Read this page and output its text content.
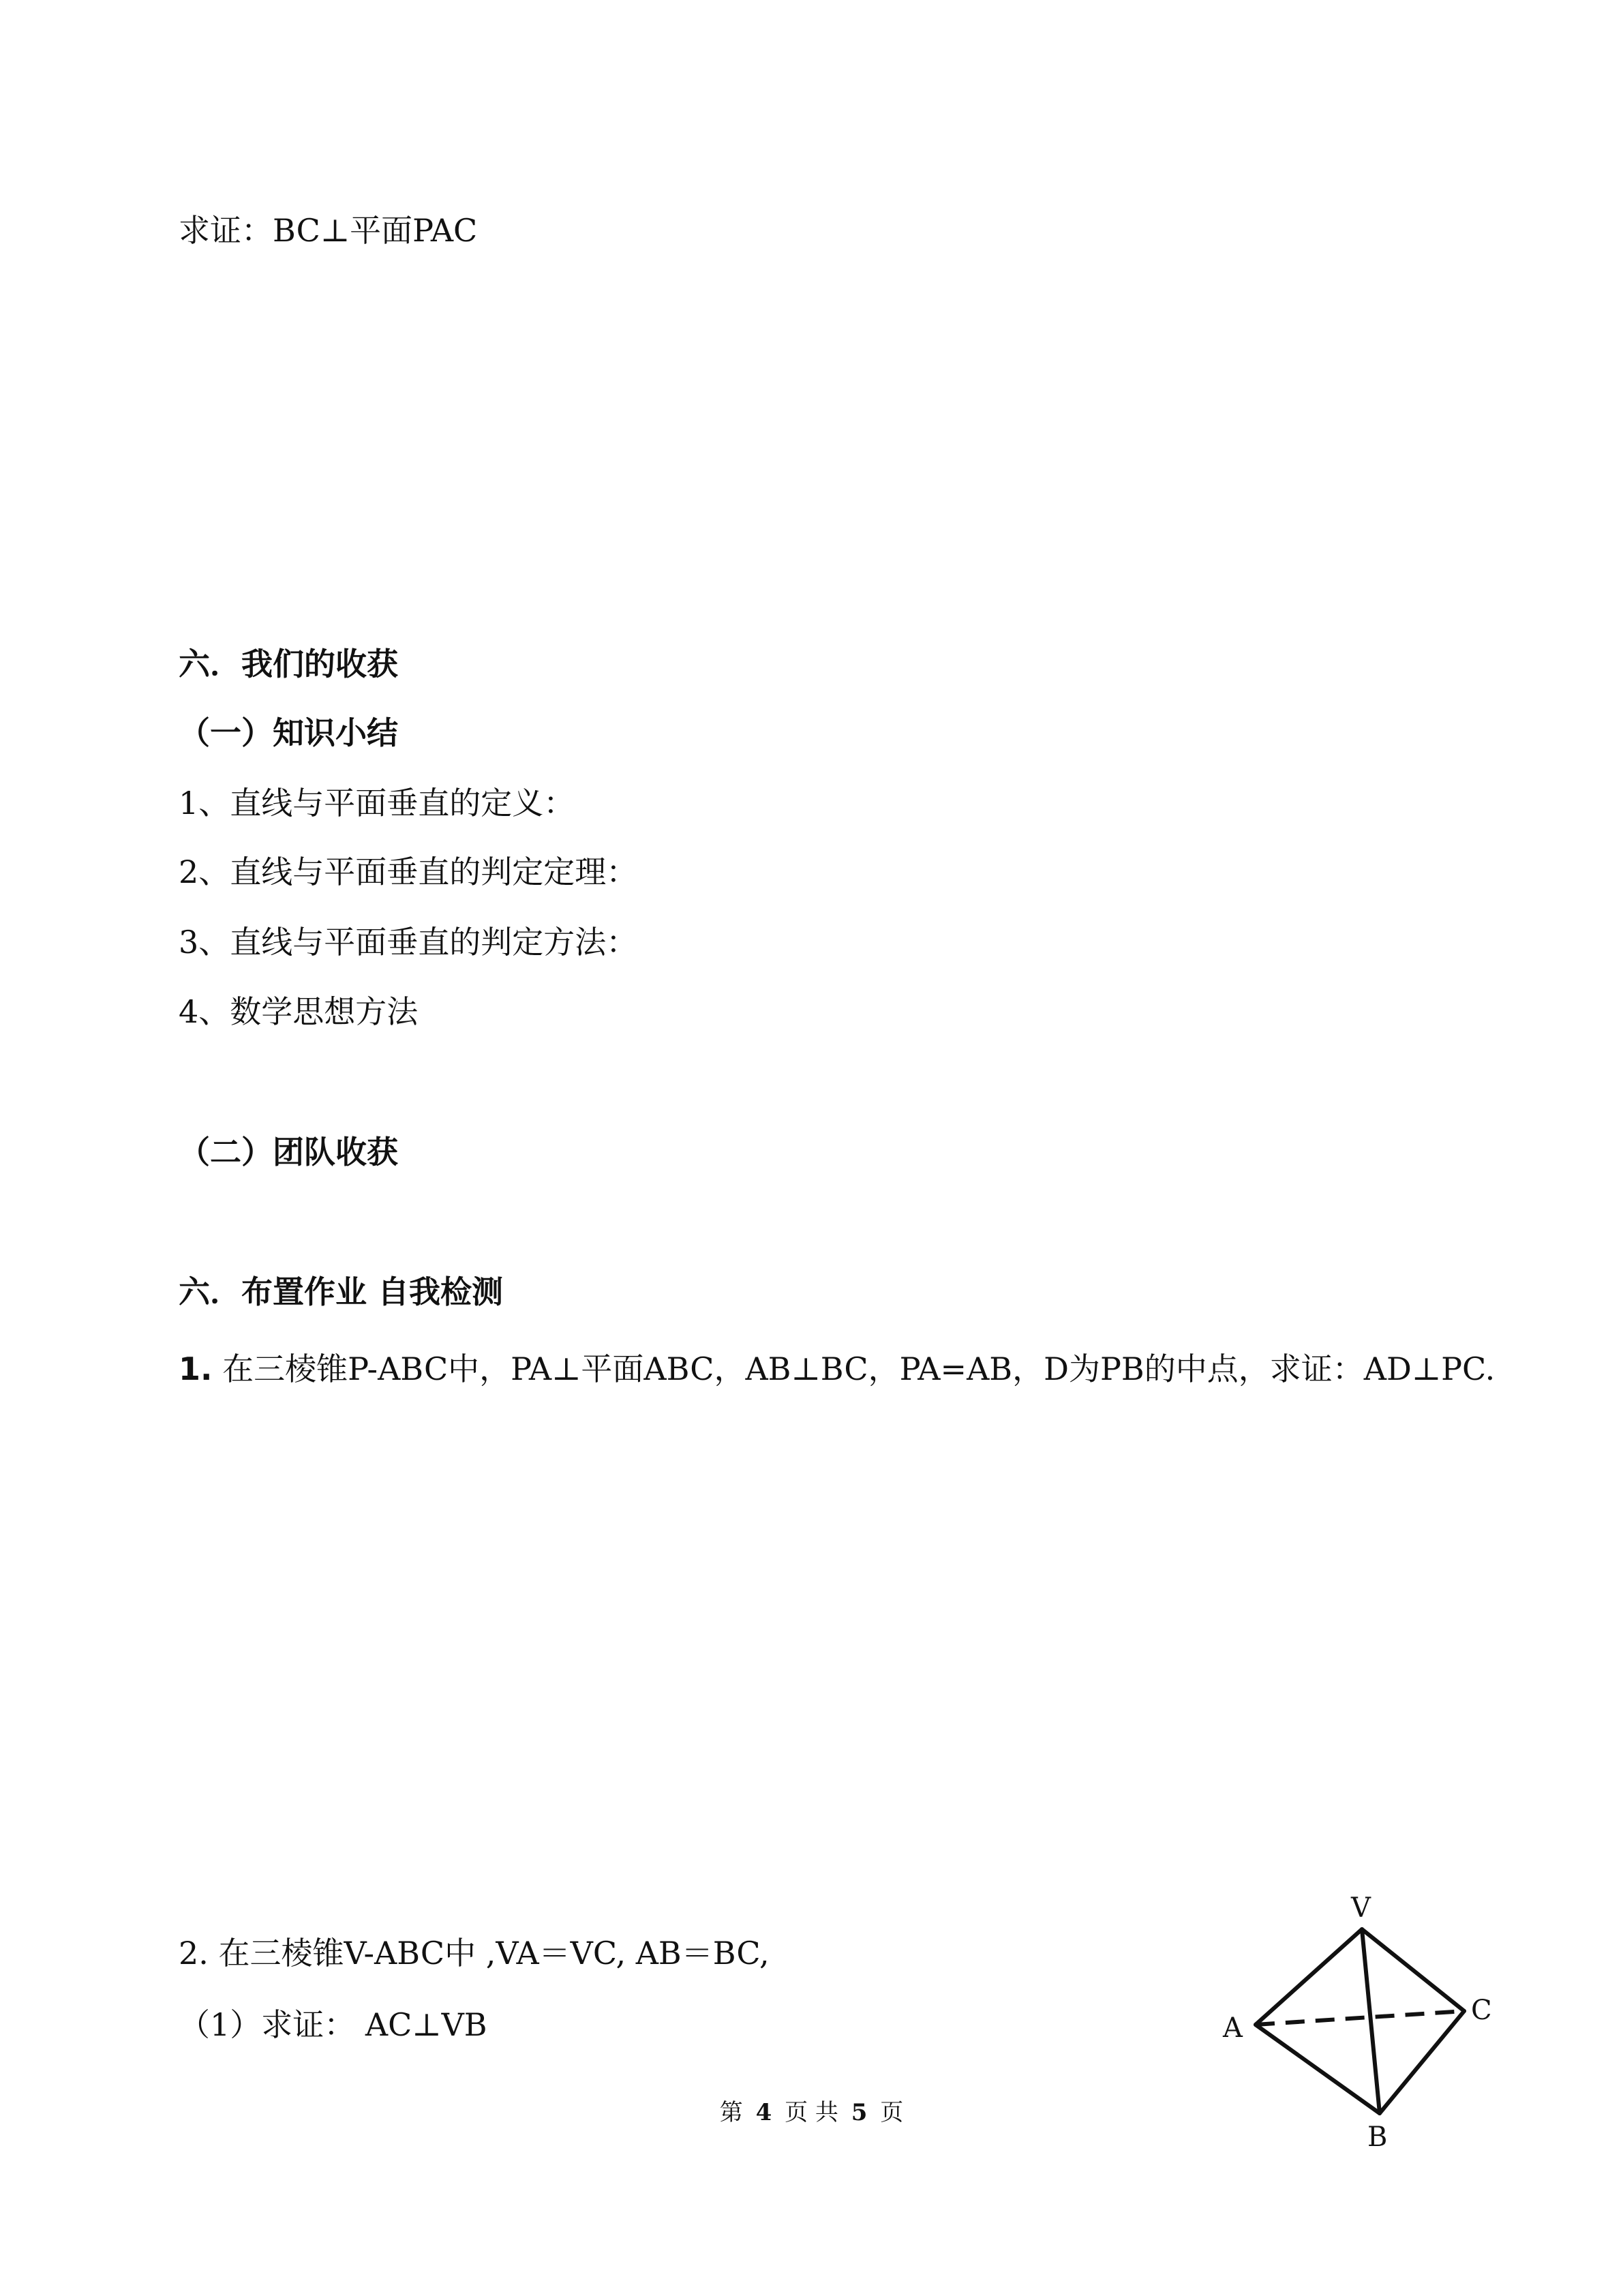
求证：BC⊥平面PAC
六．我们的收获
（一）知识小结
1、直线与平面垂直的定义：
2、直线与平面垂直的判定定理：
3、直线与平面垂直的判定方法：
4、数学思想方法
（二）团队收获
六．布置作业 自我检测
1. 在三棱锥P-ABC中，PA⊥平面ABC，AB⊥BC，PA=AB，D为PB的中点，求证：AD⊥PC.
2. 在三棱锥V-ABC中 ,VA＝VC, AB＝BC,
（1）求证： AC⊥VB
V
A
B
C
第 4 页 共 5 页
